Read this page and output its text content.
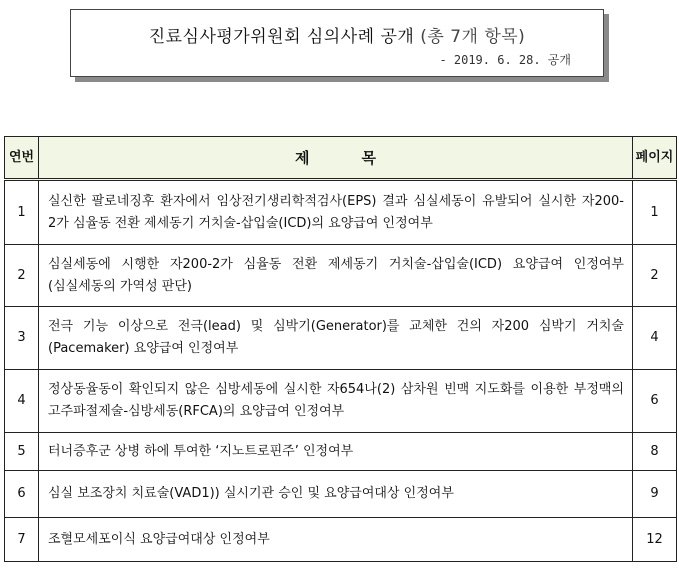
진료심사평가위원회 심의사례 공개 (총 7개 항목)
- 2019. 6. 28. 공개
연번	제 목	페이지
1	실신한 팔로네징후 환자에서 임상전기생리학적검사(EPS) 결과 심실세동이 유발되어 실시한 자200-2가 심율동 전환 제세동기 거치술-삽입술(ICD)의 요양급여 인정여부	1
2	심실세동에 시행한 자200-2가 심율동 전환 제세동기 거치술-삽입술(ICD) 요양급여 인정여부 (심실세동의 가역성 판단)	2
3	전극 기능 이상으로 전극(lead) 및 심박기(Generator)를 교체한 건의 자200 심박기 거치술 (Pacemaker) 요양급여 인정여부	4
4	정상동율동이 확인되지 않은 심방세동에 실시한 자654나(2) 삼차원 빈맥 지도화를 이용한 부정맥의 고주파절제술-심방세동(RFCA)의 요양급여 인정여부	6
5	터너증후군 상병 하에 투여한 ‘지노트로핀주’ 인정여부	8
6	심실 보조장치 치료술(VAD1)) 실시기관 승인 및 요양급여대상 인정여부	9
7	조혈모세포이식 요양급여대상 인정여부	12
